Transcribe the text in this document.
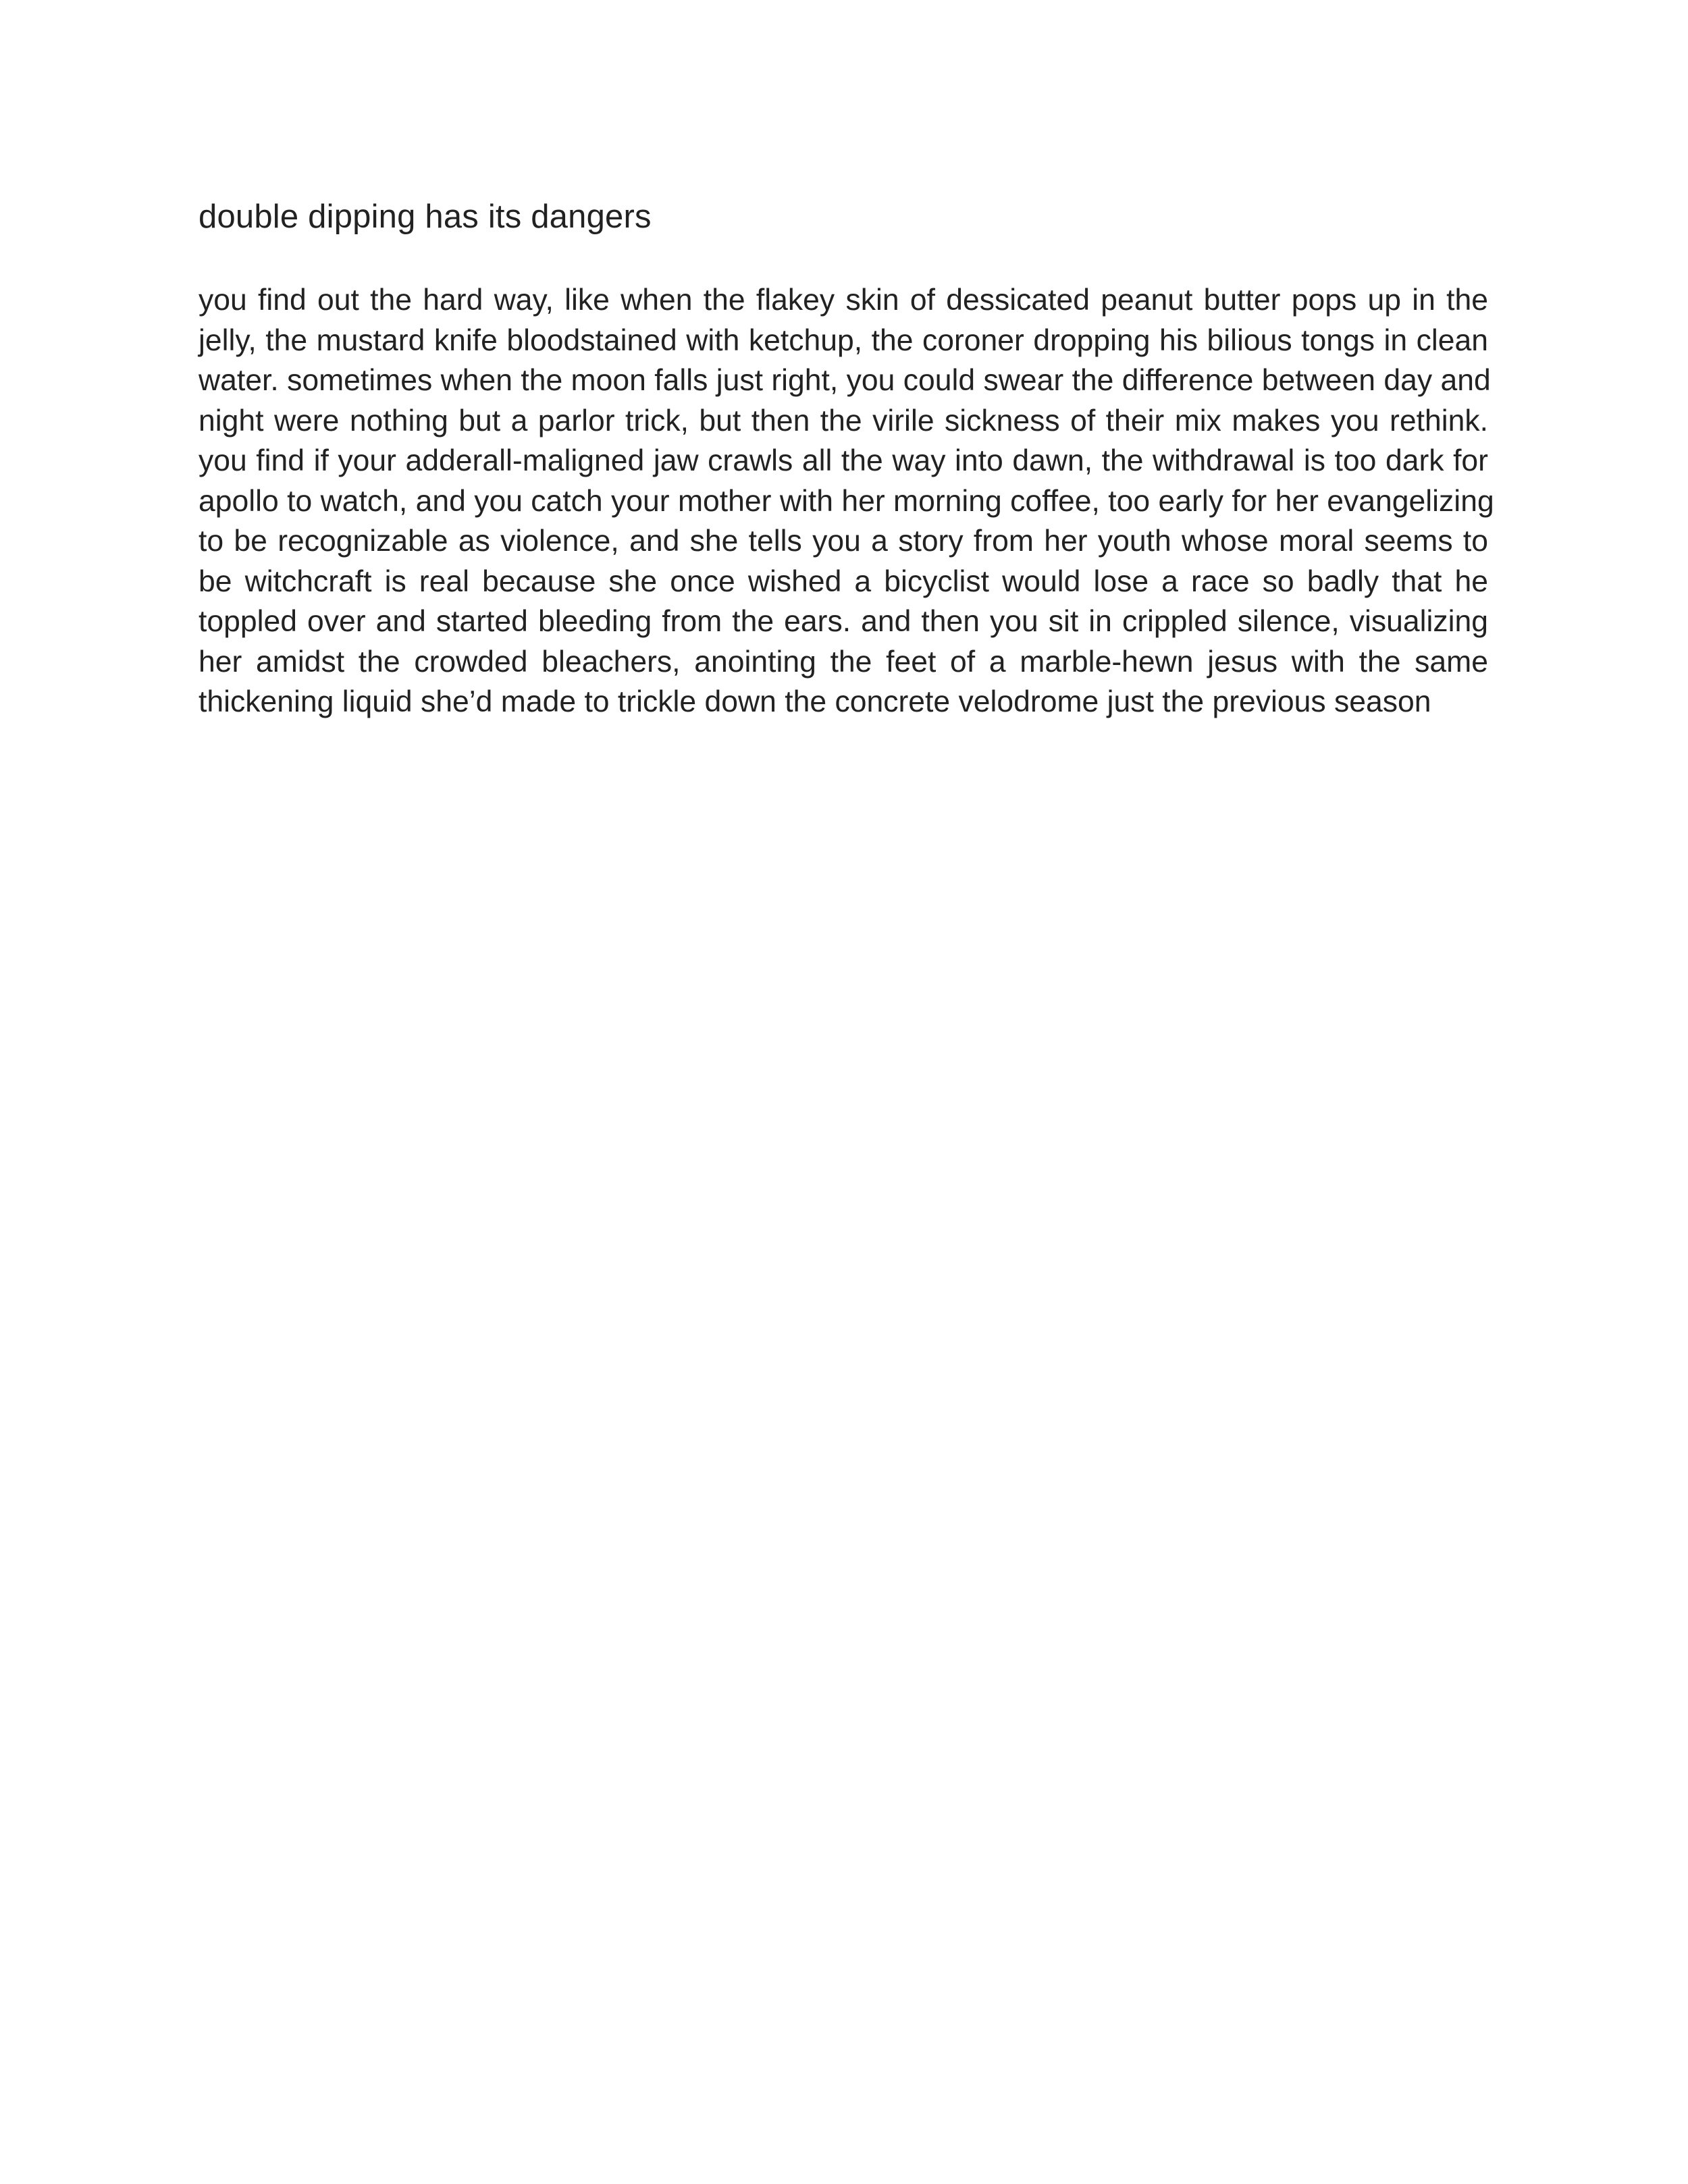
double dipping has its dangers
you find out the hard way, like when the flakey skin of dessicated peanut butter pops up in the
jelly, the mustard knife bloodstained with ketchup, the coroner dropping his bilious tongs in clean
water. sometimes when the moon falls just right, you could swear the difference between day and
night were nothing but a parlor trick, but then the virile sickness of their mix makes you rethink.
you find if your adderall-maligned jaw crawls all the way into dawn, the withdrawal is too dark for
apollo to watch, and you catch your mother with her morning coffee, too early for her evangelizing
to be recognizable as violence, and she tells you a story from her youth whose moral seems to
be witchcraft is real because she once wished a bicyclist would lose a race so badly that he
toppled over and started bleeding from the ears. and then you sit in crippled silence, visualizing
her amidst the crowded bleachers, anointing the feet of a marble-hewn jesus with the same
thickening liquid she’d made to trickle down the concrete velodrome just the previous season
